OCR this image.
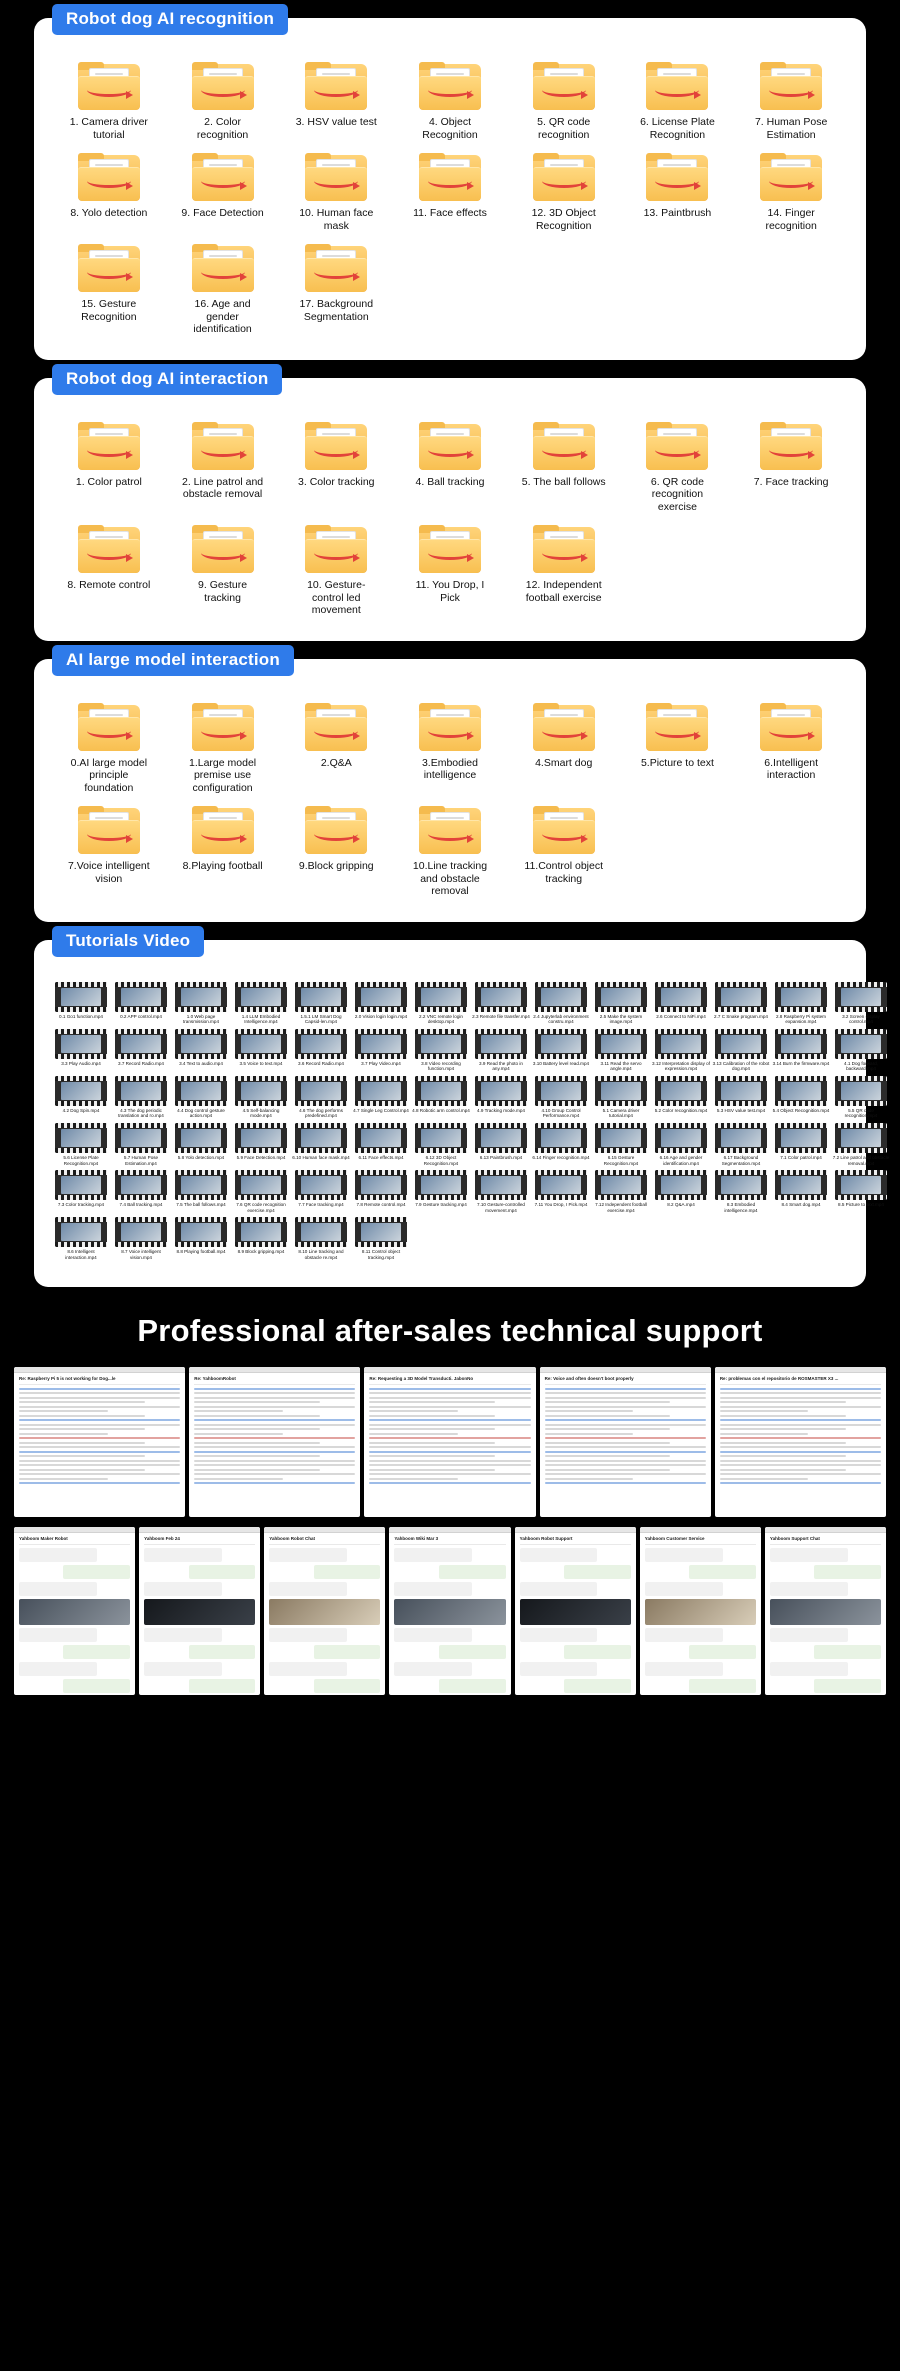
Robot dog AI recognition
1. Camera driver tutorial
2. Color recognition
3. HSV value test	4. Object Recognition
5. QR code recognition
6. License Plate Recognition
7. Human Pose Estimation
8. Yolo detection	9. Face Detection	10. Human face mask
11. Face effects	12. 3D Object Recognition
13. Paintbrush	14. Finger recognition
15. Gesture Recognition
16. Age and gender identification
17. Background Segmentation
Robot dog AI interaction
1. Color patrol	2. Line patrol and obstacle removal
3. Color tracking	4. Ball tracking	5. The ball follows	6. QR code recognition exercise
7. Face tracking
8. Remote control	9. Gesture tracking
10. Gesture-control led movement
11. You Drop, I Pick
12. Independent football exercise
AI large model interaction
0.AI large model principle foundation
1.Large model premise use configuration
2.Q&A	3.Embodied intelligence
4.Smart dog	5.Picture to text	6.Intelligent interaction
7.Voice intelligent vision
8.Playing football	9.Block gripping	10.Line tracking and obstacle removal
11.Control object tracking
Tutorials Video
0.1 Go1 function.mp4	0.2 APP control.mp4	1.0 Web page transmission.mp4
1.4 LLM Embodied Intelligence.mp4
1.5.1 LM Smart Dog Capsid-len.mp4
2.0 Vision login login.mp4	2.2 VNC remote login desktop.mp4
2.3 Remote file transfer.mp4 2.4 Jupyterlab environment constru.mp4
2.5 Make the system image.mp4
2.6 Connect to NiFi.mp4	2.7 C Snake program.mp4	2.8 Raspberry Pi system expansion.mp4
3.2 Screen display control.mp4
3.3 Play Audio.mp4	3.7 Record Radio.mp4	3.4 Text to audio.mp4	3.5 Voice to text.mp4	3.6 Record Radio.mp4	3.7 Play Video.mp4	3.8 Video recording function.mp4
3.9 Read the photo in any.mp4
3.10 Battery level read.mp4	3.11 Read the servo angle.mp4
3.12 Interpretation display of expression.mp4
3.13 Calibration of the robot dog.mp4
3.14 Burn the firmware.mp4	4.1 Dog forward, backward.mp4
4.2 Dog Spin.mp4	4.3 The dog periodic translation and ro.mp4
4.4 Dog control gesture action.mp4
4.5 Self-balancing mode.mp4
4.6 The dog performs predefined.mp4
4.7 Single Leg Control.mp4 4.8 Robotic arm control.mp4	4.9 Tracking mode.mp4	4.10 Group Control Performance.mp4
5.1 Camera driver tutorial.mp4
5.2 Color recognition.mp4	5.3 HSV value test.mp4	5.4 Object Recognition.mp4	5.5 QR code recognition.mp4
5.6 License Plate Recognition.mp4
5.7 Human Pose Estimation.mp4
5.8 Yolo detection.mp4	5.9 Face Detection.mp4	6.10 Human face mask.mp4	6.11 Face effects.mp4	6.12 3D Object Recognition.mp4
6.13 Paintbrush.mp4	6.14 Finger recognition.mp4	6.15 Gesture Recognition.mp4
6.16 Age and gender identification.mp4
6.17 Background Segmentation.mp4
7.1 Color patrol.mp4	7.2 Line patrol and obstacle removal.mp4
7.3 Color tracking.mp4	7.4 Ball tracking.mp4	7.5 The ball follows.mp4	7.6 QR code recognition exercise.mp4
7.7 Face tracking.mp4	7.8 Remote control.mp4	7.9 Gesture tracking.mp4	7.10 Gesture-controlled movement.mp4
7.11 You Drop, I Pick.mp4	7.12 Independent football exercise.mp4
8.2 Q&A.mp4	8.3 Embodied intelligence.mp4
8.4 Smart dog.mp4	8.5 Picture to text.mp4
8.6 Intelligent interaction.mp4
8.7 Voice intelligent vision.mp4
8.8 Playing football.mp4	8.9 Block gripping.mp4	8.10 Line tracking and obstacle re.mp4
8.11 Control object tracking.mp4
Professional after-sales technical support
Re: Raspberry Pi 5 is not working for Dog...le	Re: YahboomRobot	Re: Requesting a 3D Model Transducti. JabonNo	Re: Voice and often doesn't boot properly	Re: problemas con el repositorio de ROSMASTER X3 ...
Yahboom Maker Robot	Yahboom Feb 24	Yahboom Robot Chat	Yahboom Wiki Mar 3	Yahboom Robot Support	Yahboom Customer Service	Yahboom Support Chat
